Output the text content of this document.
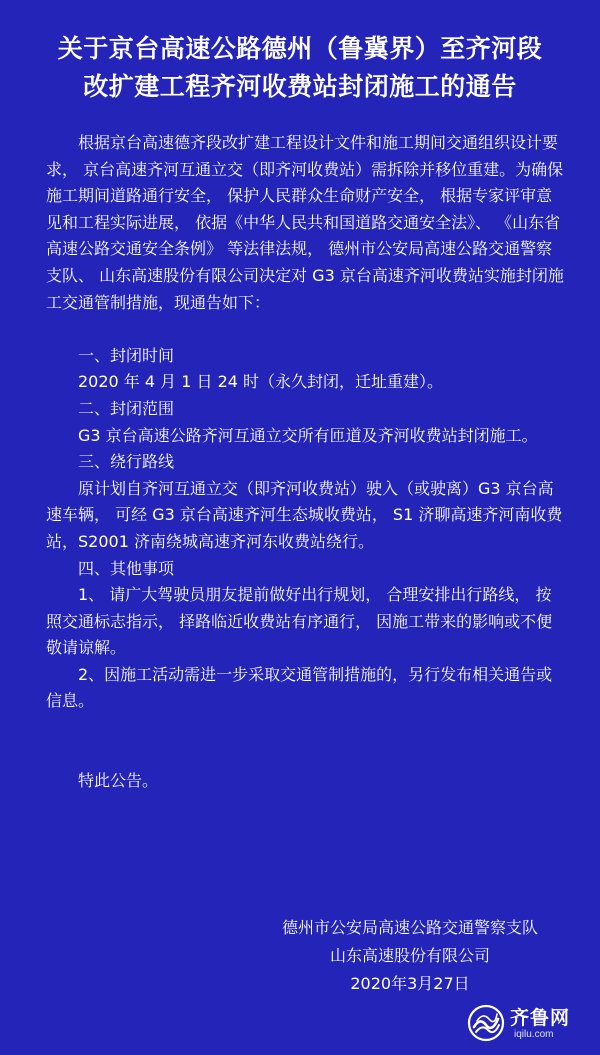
关于京台高速公路德州（鲁冀界）至齐河段
改扩建工程齐河收费站封闭施工的通告

根据京台高速德齐段改扩建工程设计文件和施工期间交通组织设计要求， 京台高速齐河互通立交（即齐河收费站）需拆除并移位重建。为确保施工期间道路通行安全， 保护人民群众生命财产安全， 根据专家评审意见和工程实际进展， 依据《中华人民共和国道路交通安全法》、 《山东省高速公路交通安全条例》 等法律法规， 德州市公安局高速公路交通警察支队、 山东高速股份有限公司决定对 G3 京台高速齐河收费站实施封闭施工交通管制措施，现通告如下：

一、封闭时间

2020 年 4 月 1 日 24 时（永久封闭，迁址重建）。

二、封闭范围

G3 京台高速公路齐河互通立交所有匝道及齐河收费站封闭施工。

三、绕行路线

原计划自齐河互通立交（即齐河收费站）驶入（或驶离）G3 京台高速车辆， 可经 G3 京台高速齐河生态城收费站， S1 济聊高速齐河南收费站，S2001 济南绕城高速齐河东收费站绕行。

四、其他事项

1、 请广大驾驶员朋友提前做好出行规划， 合理安排出行路线， 按照交通标志指示， 择路临近收费站有序通行， 因施工带来的影响或不便敬请谅解。

2、因施工活动需进一步采取交通管制措施的，另行发布相关通告或信息。

特此公告。

德州市公安局高速公路交通警察支队
山东高速股份有限公司
2020年3月27日
齐鲁网
iqilu.com
